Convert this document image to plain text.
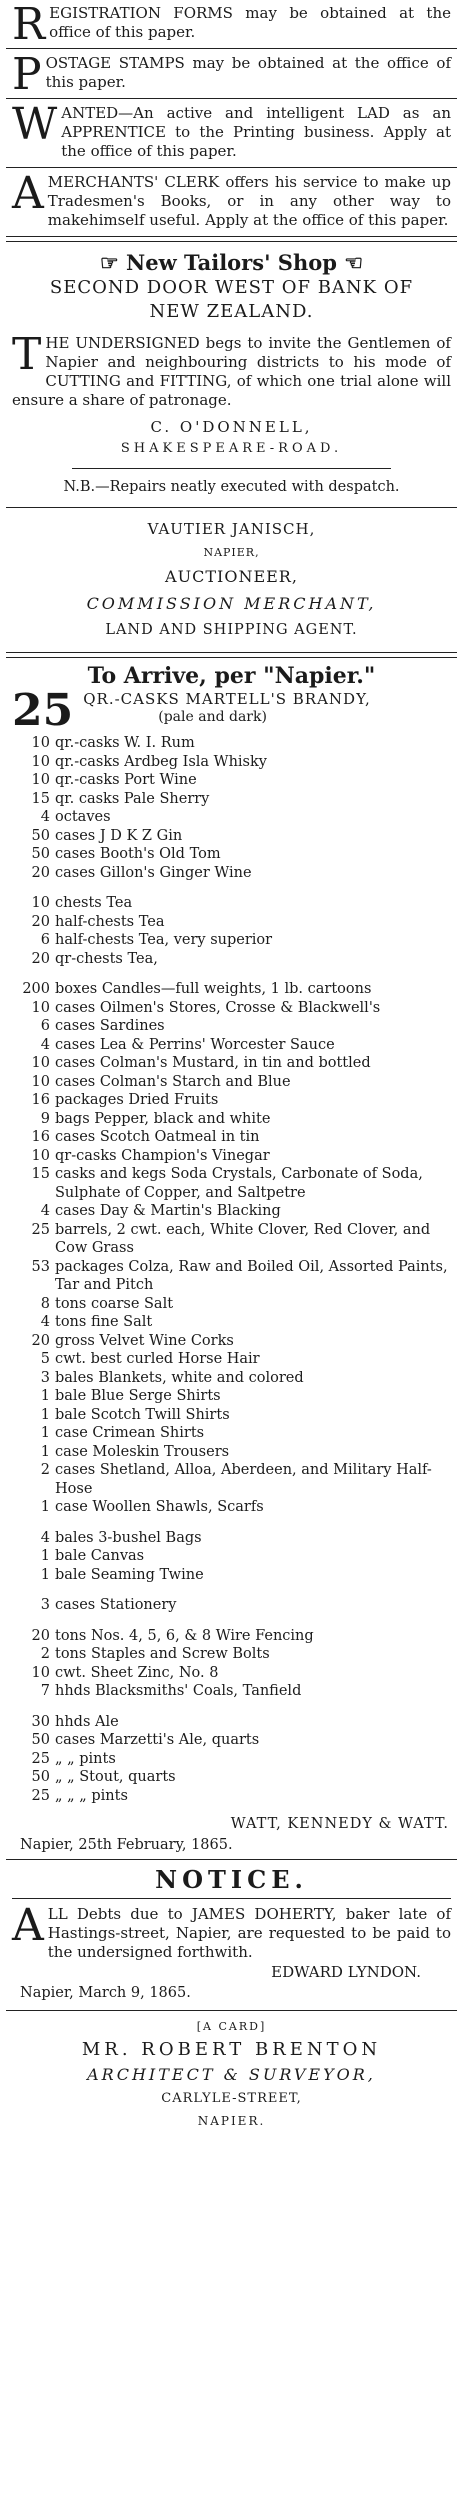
R EGISTRATION FORMS may be obtained at the office of this paper.
P OSTAGE STAMPS may be obtained at the office of this paper.
W ANTED—An active and intelligent LAD as an APPRENTICE to the Printing business. Apply at the office of this paper.
A MERCHANTS' CLERK offers his service to make up Tradesmen's Books, or in any other way to makehimself useful. Apply at the office of this paper.
☞ New Tailors' Shop ☜
SECOND DOOR WEST OF BANK OF
NEW ZEALAND.
T HE UNDERSIGNED begs to invite the Gentlemen of Napier and neighbouring districts to his mode of CUTTING and FITTING, of which one trial alone will ensure a share of patronage.
C. O'DONNELL,
SHAKESPEARE-ROAD.
N.B.—Repairs neatly executed with despatch.
VAUTIER JANISCH,
NAPIER,
AUCTIONEER,
COMMISSION MERCHANT,
LAND AND SHIPPING AGENT.
To Arrive, per "Napier."
25 QR.-CASKS MARTELL'S BRANDY,
(pale and dark)
10 qr.-casks W. I. Rum
10 qr.-casks Ardbeg Isla Whisky
10 qr.-casks Port Wine
15 qr. casks Pale Sherry
4 octaves
50 cases J D K Z Gin
50 cases Booth's Old Tom
20 cases Gillon's Ginger Wine
10 chests Tea
20 half-chests Tea
6 half-chests Tea, very superior
20 qr-chests Tea,
200 boxes Candles—full weights, 1 lb. cartoons
10 cases Oilmen's Stores, Crosse & Blackwell's
6 cases Sardines
4 cases Lea & Perrins' Worcester Sauce
10 cases Colman's Mustard, in tin and bottled
10 cases Colman's Starch and Blue
16 packages Dried Fruits
9 bags Pepper, black and white
16 cases Scotch Oatmeal in tin
10 qr-casks Champion's Vinegar
15 casks and kegs Soda Crystals, Carbonate of Soda, Sulphate of Copper, and Saltpetre
4 cases Day & Martin's Blacking
25 barrels, 2 cwt. each, White Clover, Red Clover, and Cow Grass
53 packages Colza, Raw and Boiled Oil, Assorted Paints, Tar and Pitch
8 tons coarse Salt
4 tons fine Salt
20 gross Velvet Wine Corks
5 cwt. best curled Horse Hair
3 bales Blankets, white and colored
1 bale Blue Serge Shirts
1 bale Scotch Twill Shirts
1 case Crimean Shirts
1 case Moleskin Trousers
2 cases Shetland, Alloa, Aberdeen, and Military Half-Hose
1 case Woollen Shawls, Scarfs
4 bales 3-bushel Bags
1 bale Canvas
1 bale Seaming Twine
3 cases Stationery
20 tons Nos. 4, 5, 6, & 8 Wire Fencing
2 tons Staples and Screw Bolts
10 cwt. Sheet Zinc, No. 8
7 hhds Blacksmiths' Coals, Tanfield
30 hhds Ale
50 cases Marzetti's Ale, quarts
25 „ „ pints
50 „ „ Stout, quarts
25 „ „ „ pints
WATT, KENNEDY & WATT.
Napier, 25th February, 1865.
NOTICE.
A LL Debts due to JAMES DOHERTY, baker late of Hastings-street, Napier, are requested to be paid to the undersigned forthwith.
EDWARD LYNDON.
Napier, March 9, 1865.
[A CARD]
MR. ROBERT BRENTON
ARCHITECT & SURVEYOR,
CARLYLE-STREET,
NAPIER.
